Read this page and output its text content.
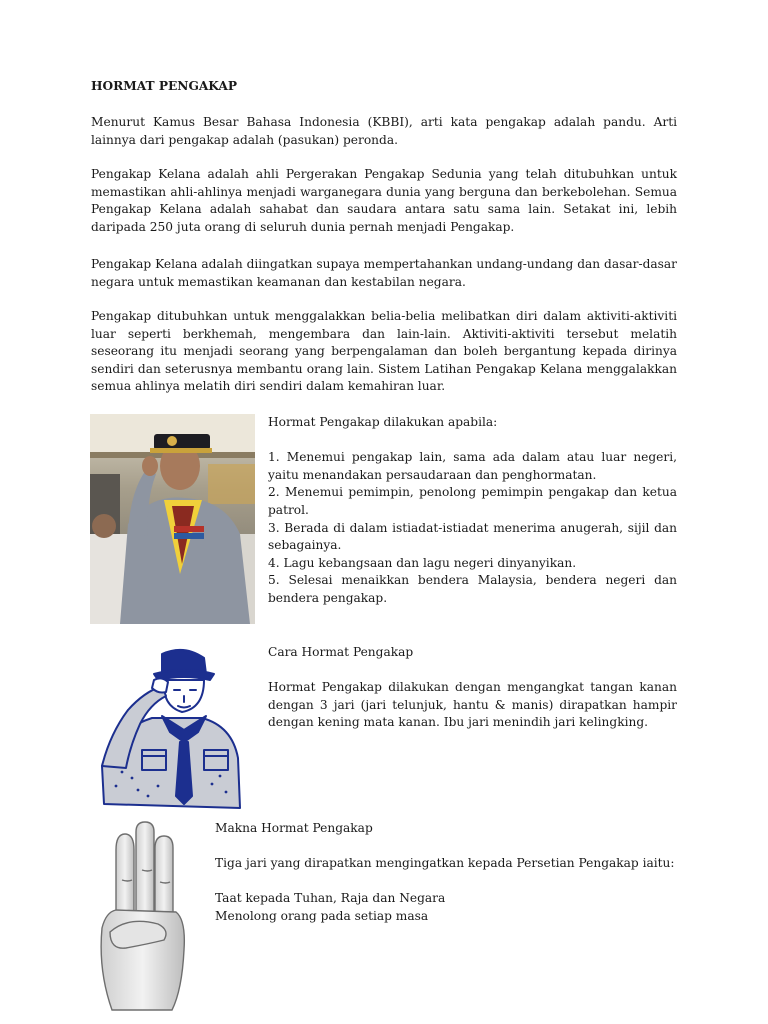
HORMAT PENGAKAP

Menurut Kamus Besar Bahasa Indonesia (KBBI), arti kata pengakap adalah pandu. Arti lainnya dari pengakap adalah (pasukan) peronda.

Pengakap Kelana adalah ahli Pergerakan Pengakap Sedunia yang telah ditubuhkan untuk memastikan ahli-ahlinya menjadi warganegara dunia yang berguna dan berkebolehan. Semua Pengakap Kelana adalah sahabat dan saudara antara satu sama lain. Setakat ini, lebih daripada 250 juta orang di seluruh dunia pernah menjadi Pengakap.

Pengakap Kelana adalah diingatkan supaya mempertahankan undang-undang dan dasar-dasar negara untuk memastikan keamanan dan kestabilan negara.

Pengakap ditubuhkan untuk menggalakkan belia-belia melibatkan diri dalam aktiviti-aktiviti luar seperti berkhemah, mengembara dan lain-lain. Aktiviti-aktiviti tersebut melatih seseorang itu menjadi seorang yang berpengalaman dan boleh bergantung kepada dirinya sendiri dan seterusnya membantu orang lain. Sistem Latihan Pengakap Kelana menggalakkan semua ahlinya melatih diri sendiri dalam kemahiran luar.

Hormat Pengakap dilakukan apabila:
1. Menemui pengakap lain, sama ada dalam atau luar negeri, yaitu menandakan persaudaraan dan penghormatan.
2. Menemui pemimpin, penolong pemimpin pengakap dan ketua patrol.
3. Berada di dalam istiadat-istiadat menerima anugerah, sijil dan sebagainya.
4. Lagu kebangsaan dan lagu negeri dinyanyikan.
5. Selesai menaikkan bendera Malaysia, bendera negeri dan bendera pengakap.
Cara Hormat Pengakap
Hormat Pengakap dilakukan dengan mengangkat tangan kanan dengan 3 jari (jari telunjuk, hantu & manis) dirapatkan hampir dengan kening mata kanan. Ibu jari menindih jari kelingking.
Makna Hormat Pengakap
Tiga jari yang dirapatkan mengingatkan kepada Persetian Pengakap iaitu:
Taat kepada Tuhan, Raja dan Negara
Menolong orang pada setiap masa
